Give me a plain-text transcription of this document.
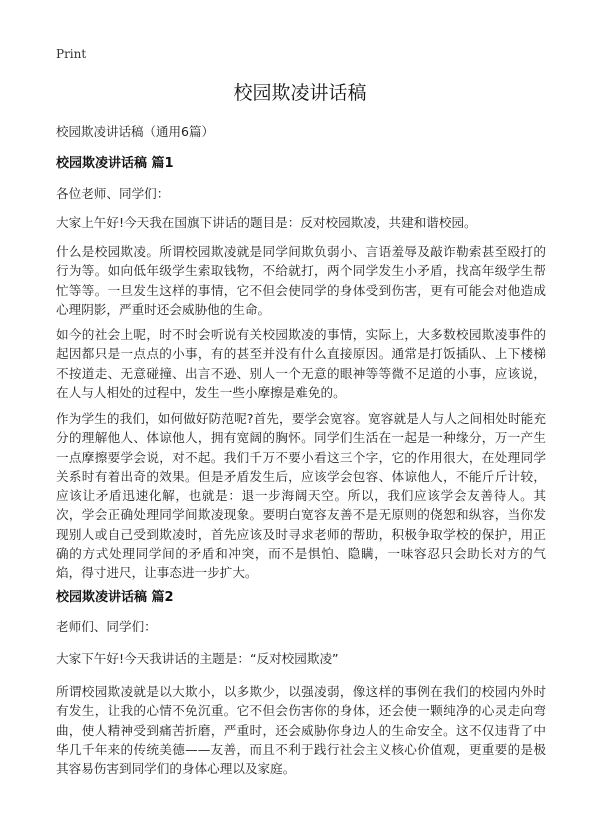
Print
校园欺凌讲话稿
校园欺凌讲话稿（通用6篇）
校园欺凌讲话稿 篇1

各位老师、同学们：

大家上午好!今天我在国旗下讲话的题目是：反对校园欺凌，共建和谐校园。

什么是校园欺凌。所谓校园欺凌就是同学间欺负弱小、言语羞辱及敲诈勒索甚至殴打的行为等。如向低年级学生索取钱物，不给就打，两个同学发生小矛盾，找高年级学生帮忙等等。一旦发生这样的事情，它不但会使同学的身体受到伤害，更有可能会对他造成心理阴影，严重时还会威胁他的生命。

如今的社会上呢，时不时会听说有关校园欺凌的事情，实际上，大多数校园欺凌事件的起因都只是一点点的小事，有的甚至并没有什么直接原因。通常是打饭插队、上下楼梯不按道走、无意碰撞、出言不逊、别人一个无意的眼神等等微不足道的小事，应该说，在人与人相处的过程中，发生一些小摩擦是难免的。

作为学生的我们，如何做好防范呢?首先，要学会宽容。宽容就是人与人之间相处时能充分的理解他人、体谅他人，拥有宽阔的胸怀。同学们生活在一起是一种缘分，万一产生一点摩擦要学会说，对不起。我们千万不要小看这三个字，它的作用很大，在处理同学关系时有着出奇的效果。但是矛盾发生后，应该学会包容、体谅他人，不能斤斤计较，应该让矛盾迅速化解，也就是：退一步海阔天空。所以，我们应该学会友善待人。其次，学会正确处理同学间欺凌现象。要明白宽容友善不是无原则的侥恕和纵容，当你发现别人或自己受到欺凌时，首先应该及时寻求老师的帮助，积极争取学校的保护，用正确的方式处理同学间的矛盾和冲突，而不是惧怕、隐瞒，一味容忍只会助长对方的气焰，得寸进尺，让事态进一步扩大。

校园欺凌讲话稿 篇2

老师们、同学们：

大家下午好!今天我讲话的主题是：“反对校园欺凌”

所谓校园欺凌就是以大欺小，以多欺少，以强凌弱，像这样的事例在我们的校园内外时有发生，让我的心情不免沉重。它不但会伤害你的身体，还会使一颗纯净的心灵走向弯曲，使人精神受到痛苦折磨，严重时，还会威胁你身边人的生命安全。这不仅违背了中华几千年来的传统美德——友善，而且不利于践行社会主义核心价值观，更重要的是极其容易伤害到同学们的身体心理以及家庭。
